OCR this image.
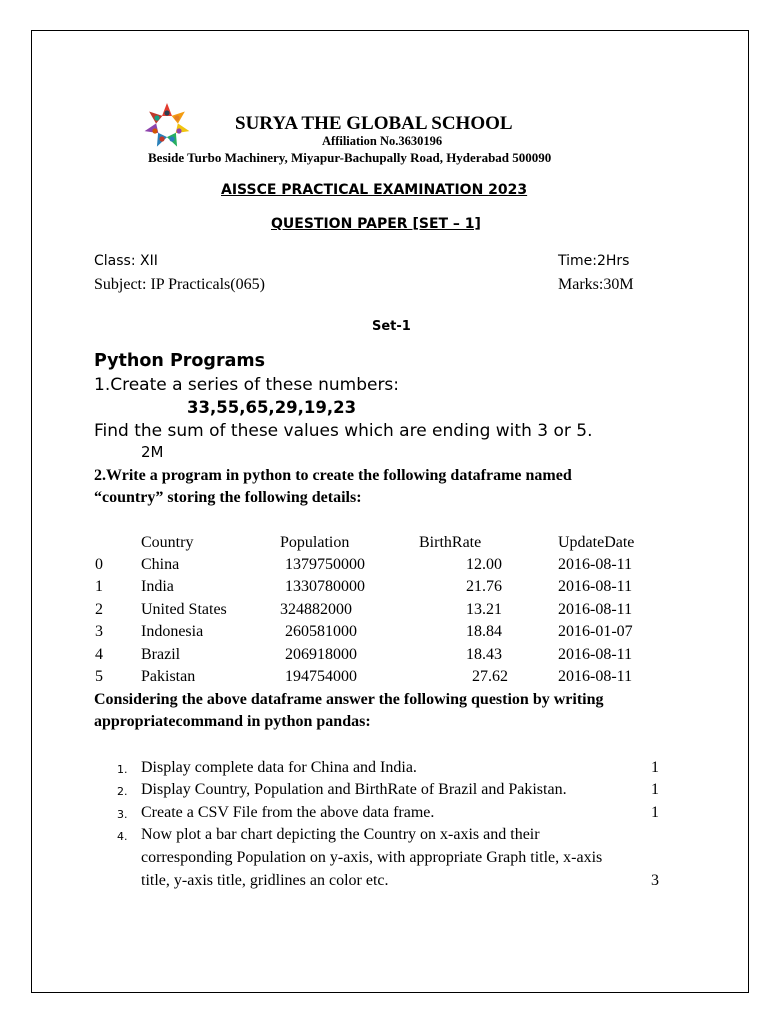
SURYA THE GLOBAL SCHOOL
Affiliation No.3630196
Beside Turbo Machinery, Miyapur-Bachupally Road, Hyderabad 500090
AISSCE PRACTICAL EXAMINATION 2023
QUESTION PAPER [SET – 1]
Class: XII	Time:2Hrs
Subject: IP Practicals(065)	Marks:30M
Set-1
Python Programs
1.Create a series of these numbers:
33,55,65,29,19,23
Find the sum of these values which are ending with 3 or 5.
2M
2.Write a program in python to create the following dataframe named
“country” storing the following details:
Country	Population	BirthRate	UpdateDate
0 China	1379750000	12.00	2016-08-11
1 India	1330780000	21.76	2016-08-11
2 United States	324882000	13.21	2016-08-11
3 Indonesia	260581000	18.84	2016-01-07
4 Brazil	206918000	18.43	2016-08-11
5 Pakistan	194754000	27.62	2016-08-11
Considering the above dataframe answer the following question by writing
appropriatecommand in python pandas:
1. Display complete data for China and India.	1
2. Display Country, Population and BirthRate of Brazil and Pakistan.	1
3. Create a CSV File from the above data frame.	1
4. Now plot a bar chart depicting the Country on x-axis and their
corresponding Population on y-axis, with appropriate Graph title, x-axis
title, y-axis title, gridlines an color etc.	3
